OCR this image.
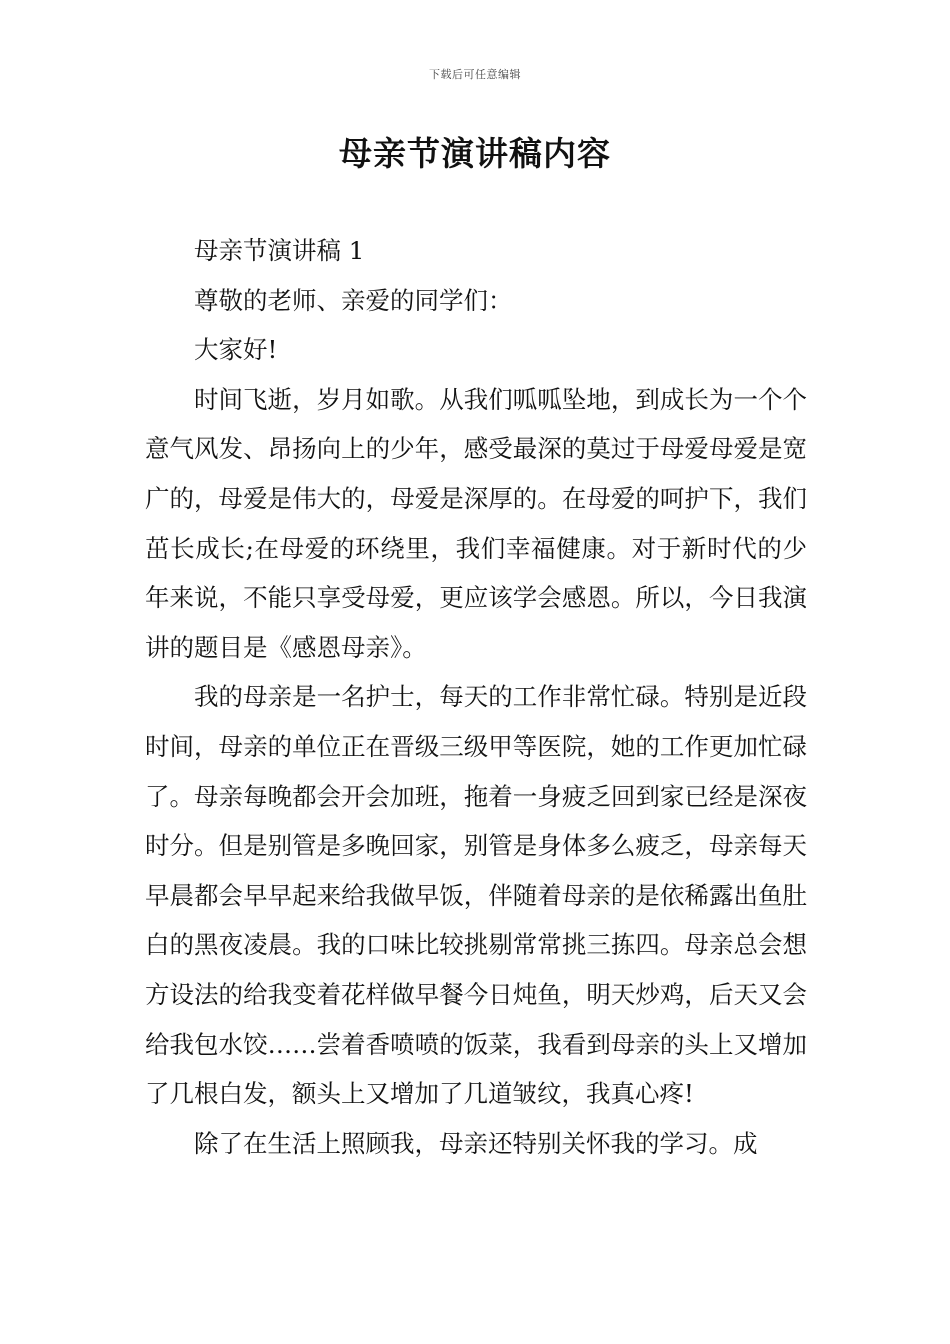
下载后可任意编辑
母亲节演讲稿内容

母亲节演讲稿 1

尊敬的老师、亲爱的同学们：

大家好!

时间飞逝，岁月如歌。从我们呱呱坠地，到成长为一个个意气风发、昂扬向上的少年，感受最深的莫过于母爱母爱是宽广的，母爱是伟大的，母爱是深厚的。在母爱的呵护下，我们茁长成长;在母爱的环绕里，我们幸福健康。对于新时代的少年来说，不能只享受母爱，更应该学会感恩。所以，今日我演讲的题目是《感恩母亲》。

我的母亲是一名护士，每天的工作非常忙碌。特别是近段时间，母亲的单位正在晋级三级甲等医院，她的工作更加忙碌了。母亲每晚都会开会加班，拖着一身疲乏回到家已经是深夜时分。但是别管是多晚回家，别管是身体多么疲乏，母亲每天早晨都会早早起来给我做早饭，伴随着母亲的是依稀露出鱼肚白的黑夜凌晨。我的口味比较挑剔常常挑三拣四。母亲总会想方设法的给我变着花样做早餐今日炖鱼，明天炒鸡，后天又会给我包水饺……尝着香喷喷的饭菜，我看到母亲的头上又增加了几根白发，额头上又增加了几道皱纹，我真心疼!

除了在生活上照顾我，母亲还特别关怀我的学习。成
